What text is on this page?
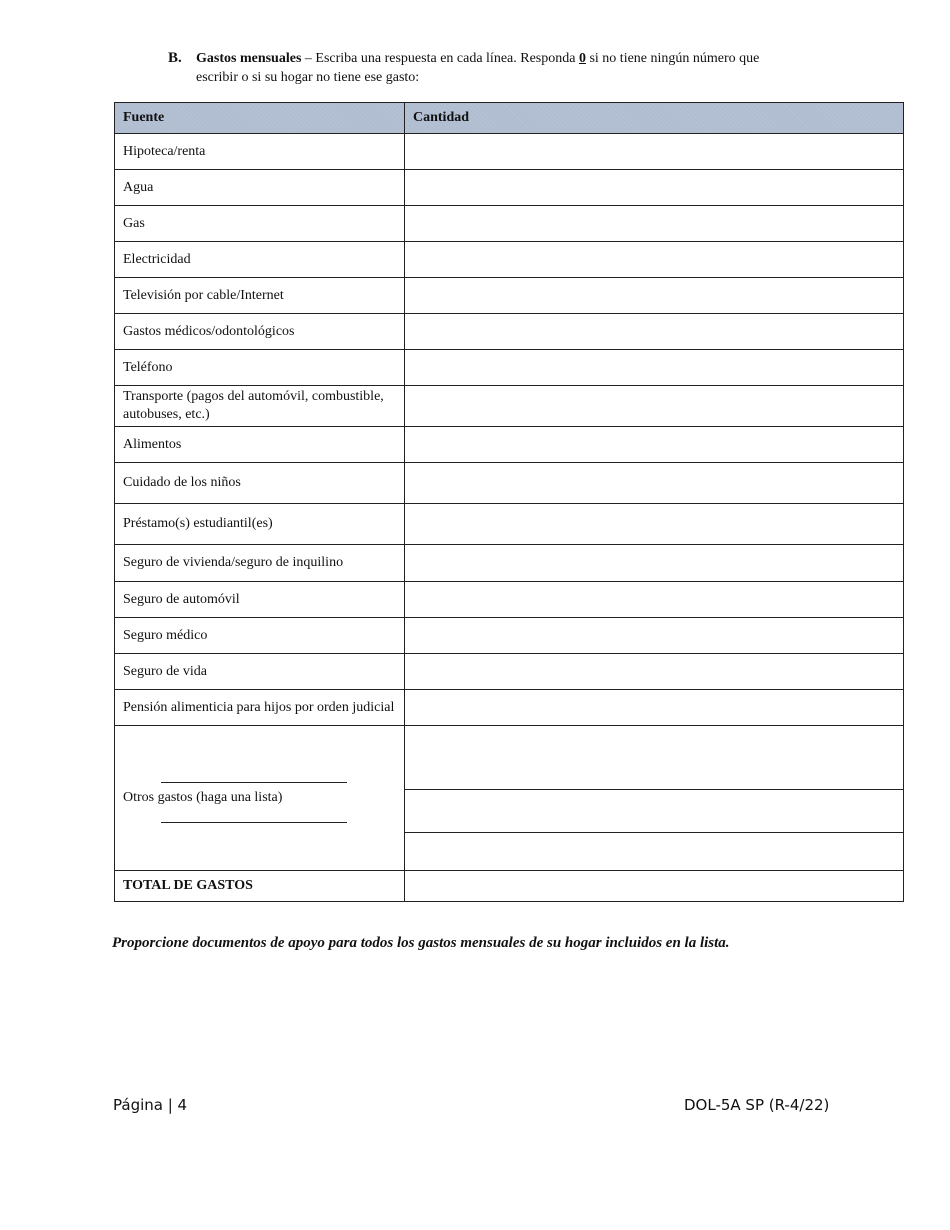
B. Gastos mensuales – Escriba una respuesta en cada línea. Responda 0 si no tiene ningún número que escribir o si su hogar no tiene ese gasto:
Fuente	Cantidad
Hipoteca/renta	
Agua	
Gas	
Electricidad	
Televisión por cable/Internet	
Gastos médicos/odontológicos	
Teléfono	
Transporte (pagos del automóvil, combustible, autobuses, etc.)	
Alimentos	
Cuidado de los niños	
Préstamo(s) estudiantil(es)	
Seguro de vivienda/seguro de inquilino	
Seguro de automóvil	
Seguro médico	
Seguro de vida	
Pensión alimenticia para hijos por orden judicial	
Otros gastos (haga una lista)

TOTAL DE GASTOS	
Proporcione documentos de apoyo para todos los gastos mensuales de su hogar incluidos en la lista.
Página | 4	DOL-5A SP (R-4/22)
